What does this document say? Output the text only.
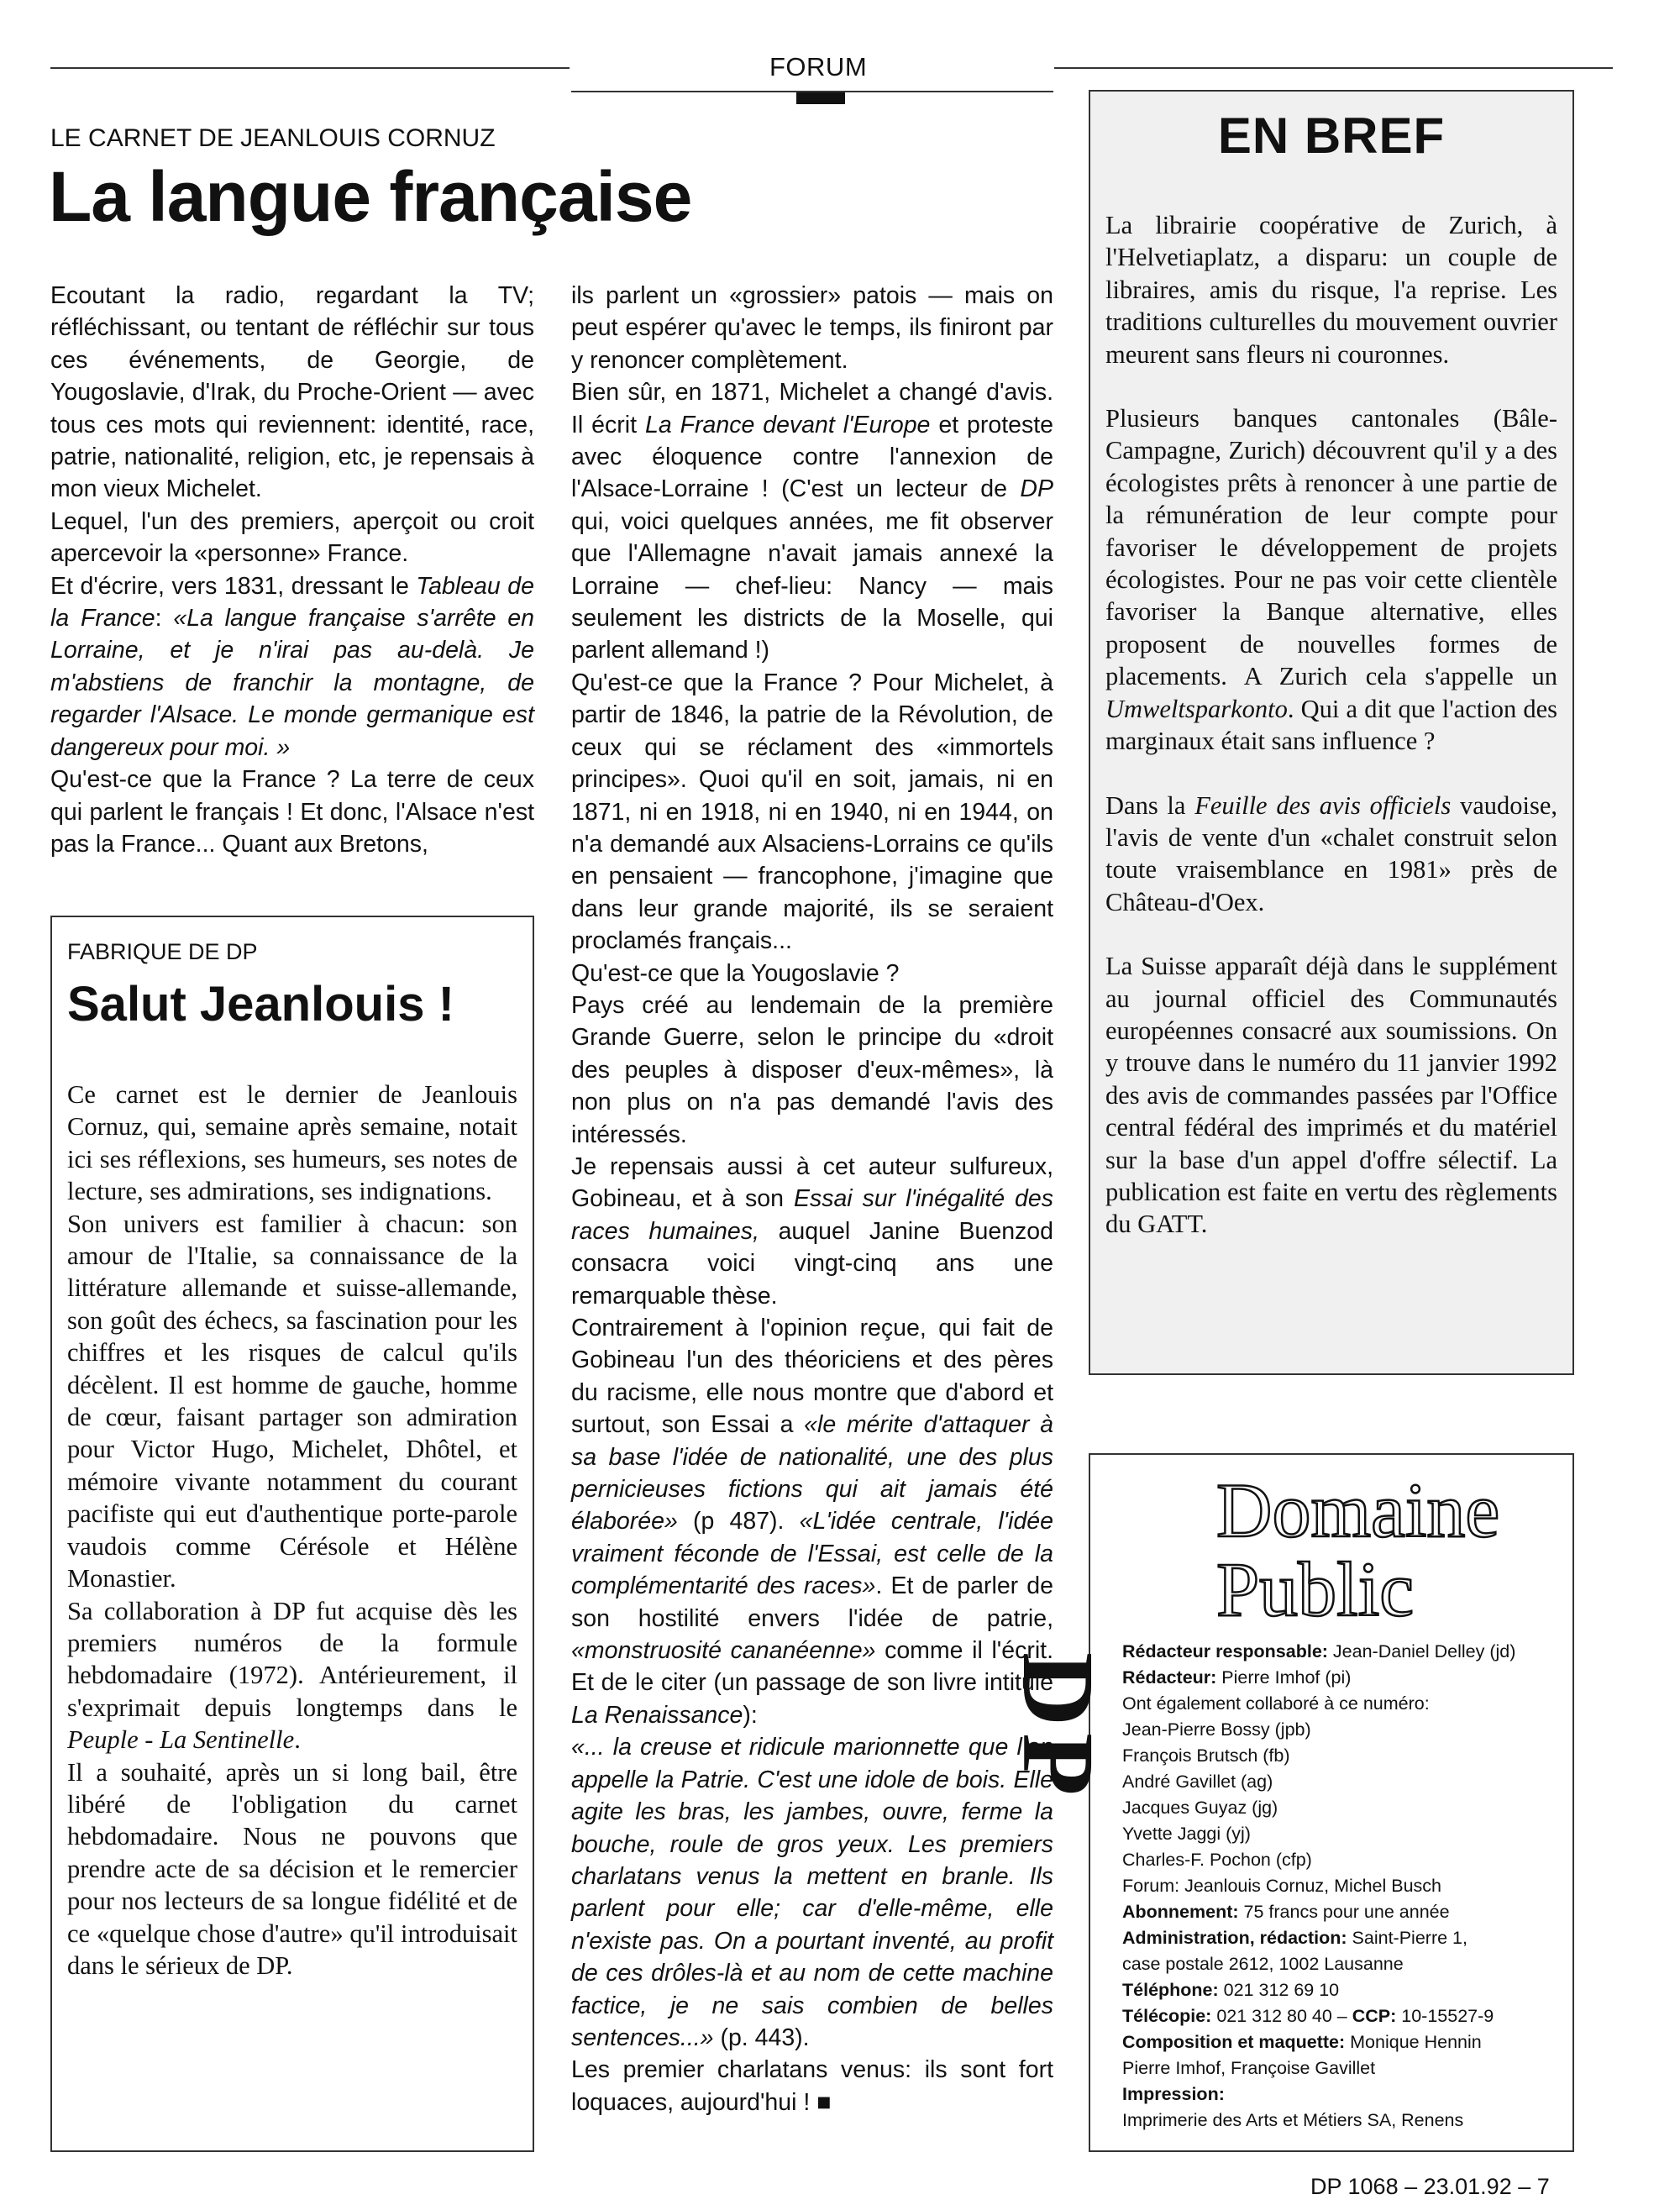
FORUM
LE CARNET DE JEANLOUIS CORNUZ
La langue française

Ecoutant la radio, regardant la TV; réfléchissant, ou tentant de réfléchir sur tous ces événements, de Georgie, de Yougoslavie, d'Irak, du Proche-Orient — avec tous ces mots qui reviennent: identité, race, patrie, nationalité, religion, etc, je repensais à mon vieux Michelet.

Lequel, l'un des premiers, aperçoit ou croit apercevoir la «personne» France.

Et d'écrire, vers 1831, dressant le Tableau de la France: «La langue française s'arrête en Lorraine, et je n'irai pas au-delà. Je m'abstiens de franchir la montagne, de regarder l'Alsace. Le monde germanique est dangereux pour moi. »

Qu'est-ce que la France ? La terre de ceux qui parlent le français ! Et donc, l'Alsace n'est pas la France... Quant aux Bretons,

ils parlent un «grossier» patois — mais on peut espérer qu'avec le temps, ils finiront par y renoncer complètement.

Bien sûr, en 1871, Michelet a changé d'avis. Il écrit La France devant l'Europe et proteste avec éloquence contre l'annexion de l'Alsace-Lorraine ! (C'est un lecteur de DP qui, voici quelques années, me fit observer que l'Allemagne n'avait jamais annexé la Lorraine — chef-lieu: Nancy — mais seulement les districts de la Moselle, qui parlent allemand !)

Qu'est-ce que la France ? Pour Michelet, à partir de 1846, la patrie de la Révolution, de ceux qui se réclament des «immortels principes». Quoi qu'il en soit, jamais, ni en 1871, ni en 1918, ni en 1940, ni en 1944, on n'a demandé aux Alsaciens-Lorrains ce qu'ils en pensaient — francophone, j'imagine que dans leur grande majorité, ils se seraient proclamés français...

Qu'est-ce que la Yougoslavie ?

Pays créé au lendemain de la première Grande Guerre, selon le principe du «droit des peuples à disposer d'eux-mêmes», là non plus on n'a pas demandé l'avis des intéressés.

Je repensais aussi à cet auteur sulfureux, Gobineau, et à son Essai sur l'inégalité des races humaines, auquel Janine Buenzod consacra voici vingt-cinq ans une remarquable thèse.

Contrairement à l'opinion reçue, qui fait de Gobineau l'un des théoriciens et des pères du racisme, elle nous montre que d'abord et surtout, son Essai a «le mérite d'attaquer à sa base l'idée de nationalité, une des plus pernicieuses fictions qui ait jamais été élaborée» (p 487). «L'idée centrale, l'idée vraiment féconde de l'Essai, est celle de la complémentarité des races». Et de parler de son hostilité envers l'idée de patrie, «monstruosité cananéenne» comme il l'écrit. Et de le citer (un passage de son livre intitulé La Renaissance):

«... la creuse et ridicule marionnette que l'on appelle la Patrie. C'est une idole de bois. Elle agite les bras, les jambes, ouvre, ferme la bouche, roule de gros yeux. Les premiers charlatans venus la mettent en branle. Ils parlent pour elle; car d'elle-même, elle n'existe pas. On a pourtant inventé, au profit de ces drôles-là et au nom de cette machine factice, je ne sais combien de belles sentences...» (p. 443).

Les premier charlatans venus: ils sont fort loquaces, aujourd'hui ! ■

FABRIQUE DE DP
Salut Jeanlouis !

Ce carnet est le dernier de Jeanlouis Cornuz, qui, semaine après semaine, notait ici ses réflexions, ses humeurs, ses notes de lecture, ses admirations, ses indignations.

Son univers est familier à chacun: son amour de l'Italie, sa connaissance de la littérature allemande et suisse-allemande, son goût des échecs, sa fascination pour les chiffres et les risques de calcul qu'ils décèlent. Il est homme de gauche, homme de cœur, faisant partager son admiration pour Victor Hugo, Michelet, Dhôtel, et mémoire vivante notamment du courant pacifiste qui eut d'authentique porte-parole vaudois comme Cérésole et Hélène Monastier.

Sa collaboration à DP fut acquise dès les premiers numéros de la formule hebdomadaire (1972). Antérieurement, il s'exprimait depuis longtemps dans le Peuple - La Sentinelle.

Il a souhaité, après un si long bail, être libéré de l'obligation du carnet hebdomadaire. Nous ne pouvons que prendre acte de sa décision et le remercier pour nos lecteurs de sa longue fidélité et de ce «quelque chose d'autre» qu'il introduisait dans le sérieux de DP.

EN BREF

La librairie coopérative de Zurich, à l'Helvetiaplatz, a disparu: un couple de libraires, amis du risque, l'a reprise. Les traditions culturelles du mouvement ouvrier meurent sans fleurs ni couronnes.

Plusieurs banques cantonales (Bâle-Campagne, Zurich) découvrent qu'il y a des écologistes prêts à renoncer à une partie de la rémunération de leur compte pour favoriser le développement de projets écologistes. Pour ne pas voir cette clientèle favoriser la Banque alternative, elles proposent de nouvelles formes de placements. A Zurich cela s'appelle un Umweltsparkonto. Qui a dit que l'action des marginaux était sans influence ?

Dans la Feuille des avis officiels vaudoise, l'avis de vente d'un «chalet construit selon toute vraisemblance en 1981» près de Château-d'Oex.

La Suisse apparaît déjà dans le supplément au journal officiel des Communautés européennes consacré aux soumissions. On y trouve dans le numéro du 11 janvier 1992 des avis de commandes passées par l'Office central fédéral des imprimés et du matériel sur la base d'un appel d'offre sélectif. La publication est faite en vertu des règlements du GATT.

DP
Domaine
Public
Rédacteur responsable: Jean-Daniel Delley (jd)
Rédacteur: Pierre Imhof (pi)
Ont également collaboré à ce numéro:
Jean-Pierre Bossy (jpb)
François Brutsch (fb)
André Gavillet (ag)
Jacques Guyaz (jg)
Yvette Jaggi (yj)
Charles-F. Pochon (cfp)
Forum: Jeanlouis Cornuz, Michel Busch
Abonnement: 75 francs pour une année
Administration, rédaction: Saint-Pierre 1,
case postale 2612, 1002 Lausanne
Téléphone: 021 312 69 10
Télécopie: 021 312 80 40 – CCP: 10-15527-9
Composition et maquette: Monique Hennin
Pierre Imhof, Françoise Gavillet
Impression:
Imprimerie des Arts et Métiers SA, Renens
DP 1068 – 23.01.92 – 7
